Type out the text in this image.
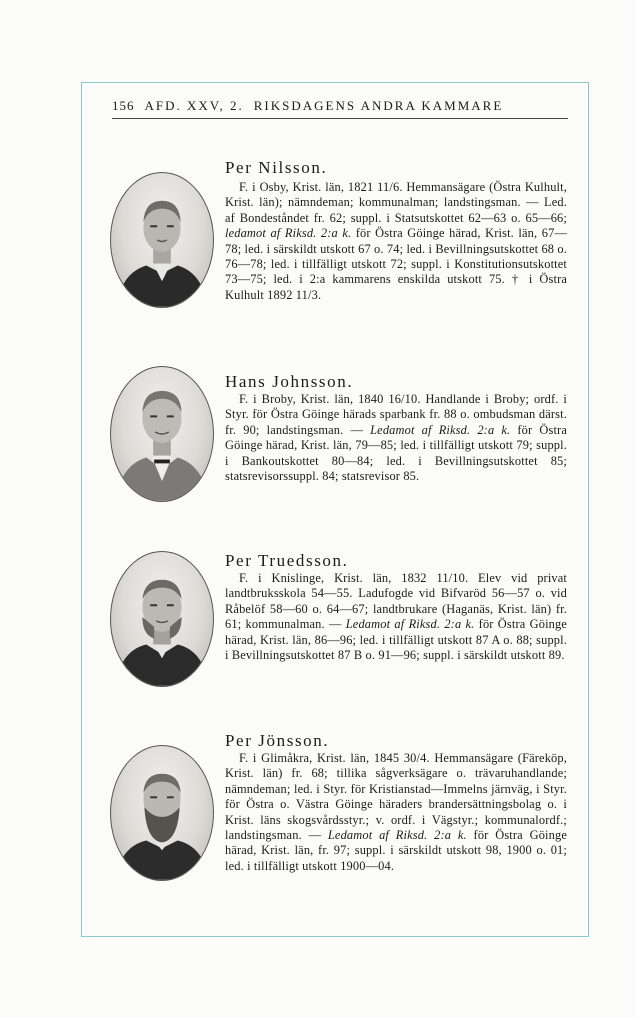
156 AFD. XXV, 2. RIKSDAGENS ANDRA KAMMARE
Per Nilsson.
F. i Osby, Krist. län, 1821 11/6. Hemmansägare (Östra Kulhult, Krist. län); nämndeman; kommunalman; landstingsman. — Led. af Bondeståndet fr. 62; suppl. i Statsutskottet 62—63 o. 65—66; ledamot af Riksd. 2:a k. för Östra Göinge härad, Krist. län, 67—78; led. i särskildt utskott 67 o. 74; led. i Bevillningsutskottet 68 o. 76—78; led. i tillfälligt utskott 72; suppl. i Konstitutionsutskottet 73—75; led. i 2:a kammarens enskilda utskott 75. † i Östra Kulhult 1892 11/3.
Hans Johnsson.
F. i Broby, Krist. län, 1840 16/10. Handlande i Broby; ordf. i Styr. för Östra Göinge härads sparbank fr. 88 o. ombudsman därst. fr. 90; landstingsman. — Ledamot af Riksd. 2:a k. för Östra Göinge härad, Krist. län, 79—85; led. i tillfälligt utskott 79; suppl. i Bankoutskottet 80—84; led. i Bevillningsutskottet 85; statsrevisorssuppl. 84; statsrevisor 85.
Per Truedsson.
F. i Knislinge, Krist. län, 1832 11/10. Elev vid privat landtbruksskola 54—55. Ladufogde vid Bifvaröd 56—57 o. vid Råbelöf 58—60 o. 64—67; landtbrukare (Haganäs, Krist. län) fr. 61; kommunalman. — Ledamot af Riksd. 2:a k. för Östra Göinge härad, Krist. län, 86—96; led. i tillfälligt utskott 87 A o. 88; suppl. i Bevillningsutskottet 87 B o. 91—96; suppl. i särskildt utskott 89.
Per Jönsson.
F. i Glimåkra, Krist. län, 1845 30/4. Hemmansägare (Färeköp, Krist. län) fr. 68; tillika sågverksägare o. trävaruhandlande; nämndeman; led. i Styr. för Kristianstad—Immelns järnväg, i Styr. för Östra o. Västra Göinge häraders brandersättningsbolag o. i Krist. läns skogsvårdsstyr.; v. ordf. i Vägstyr.; kommunalordf.; landstingsman. — Ledamot af Riksd. 2:a k. för Östra Göinge härad, Krist. län, fr. 97; suppl. i särskildt utskott 98, 1900 o. 01; led. i tillfälligt utskott 1900—04.
